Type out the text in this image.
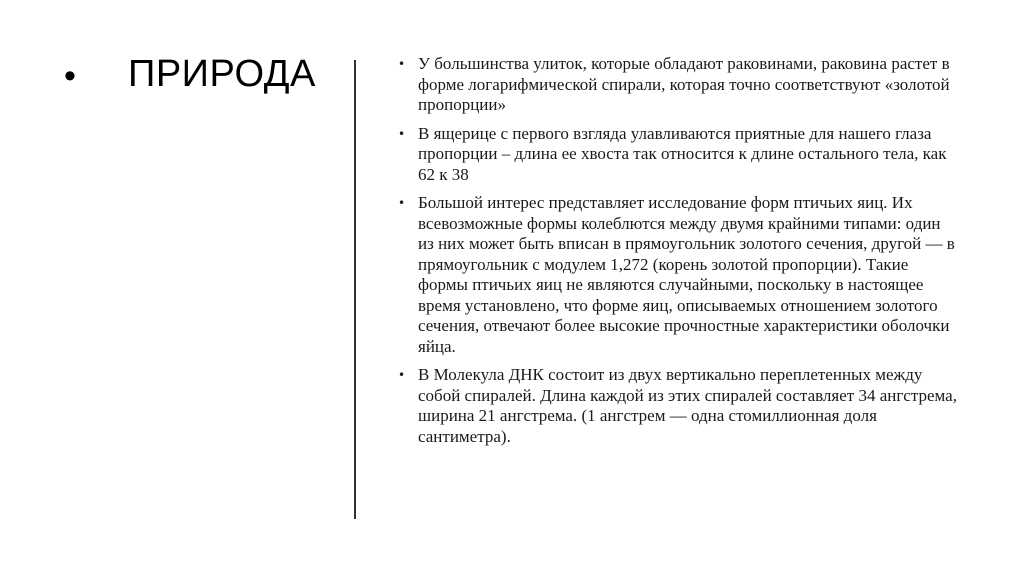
• ПРИРОДА	• У большинства улиток, которые обладают раковинами, раковина растет в форме логарифмической спирали, которая точно соответствуют «золотой пропорции»
• В ящерице с первого взгляда улавливаются приятные для нашего глаза пропорции – длина ее хвоста так относится к длине остального тела, как 62 к 38
• Большой интерес представляет исследование форм птичьих яиц. Их всевозможные формы колеблются между двумя крайними типами: один из них может быть вписан в прямоугольник золотого сечения, другой — в прямоугольник с модулем 1,272 (корень золотой пропорции). Такие формы птичьих яиц не являются случайными, поскольку в настоящее время установлено, что форме яиц, описываемых отношением золотого сечения, отвечают более высокие прочностные характеристики оболочки яйца.
• В Молекула ДНК состоит из двух вертикально переплетенных между собой спиралей. Длина каждой из этих спиралей составляет 34 ангстрема, ширина 21 ангстрема. (1 ангстрем — одна стомиллионная доля сантиметра).
